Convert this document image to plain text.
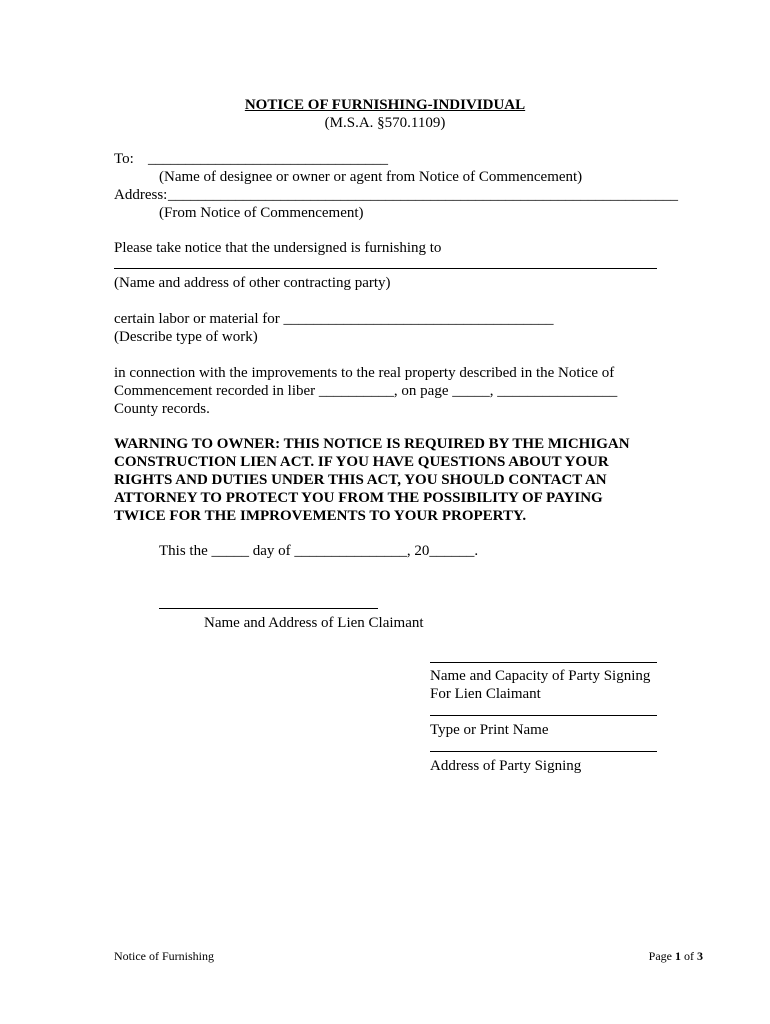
NOTICE OF FURNISHING-INDIVIDUAL
(M.S.A. §570.1109)
To: ________________________________
(Name of designee or owner or agent from Notice of Commencement)
Address: ____________________________________________________________________
(From Notice of Commencement)
Please take notice that the undersigned is furnishing to
(Name and address of other contracting party)
certain labor or material for ____________________________________
(Describe type of work)
in connection with the improvements to the real property described in the Notice of
Commencement recorded in liber __________, on page _____, ________________
County records.
WARNING TO OWNER: THIS NOTICE IS REQUIRED BY THE MICHIGAN
CONSTRUCTION LIEN ACT. IF YOU HAVE QUESTIONS ABOUT YOUR
RIGHTS AND DUTIES UNDER THIS ACT, YOU SHOULD CONTACT AN
ATTORNEY TO PROTECT YOU FROM THE POSSIBILITY OF PAYING
TWICE FOR THE IMPROVEMENTS TO YOUR PROPERTY.
This the _____ day of _______________, 20______.
Name and Address of Lien Claimant
Name and Capacity of Party Signing
For Lien Claimant
Type or Print Name
Address of Party Signing
Notice of Furnishing	Page 1 of 3
